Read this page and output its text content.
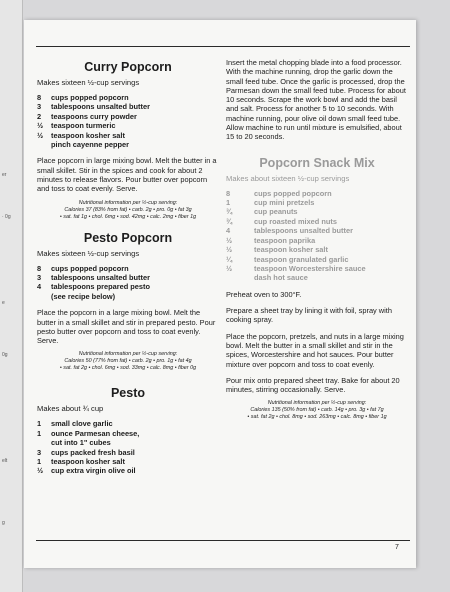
er
· 0g
e
0g
elt
g
Curry Popcorn
Makes sixteen ½-cup servings
8	cups popped popcorn
3	tablespoons unsalted butter
2	teaspoons curry powder
½	teaspoon turmeric
½	teaspoon kosher salt
pinch cayenne pepper
Place popcorn in large mixing bowl. Melt the butter in a small skillet. Stir in the spices and cook for about 2 minutes to release flavors. Pour butter over popcorn and toss to coat evenly. Serve.
Nutritional information per ½-cup serving:
Calories 37 (83% from fat) • carb. 2g • pro. 0g • fat 3g
• sat. fat 1g • chol. 6mg • sod. 42mg • calc. 2mg • fiber 1g
Pesto Popcorn
Makes sixteen ½-cup servings
8	cups popped popcorn
3	tablespoons unsalted butter
4	tablespoons prepared pesto
(see recipe below)
Place the popcorn in a large mixing bowl. Melt the butter in a small skillet and stir in prepared pesto. Pour pesto butter over popcorn and toss to coat evenly. Serve.
Nutritional information per ½-cup serving:
Calories 50 (77% from fat) • carb. 2g • pro. 1g • fat 4g
• sat. fat 2g • chol. 6mg • sod. 33mg • calc. 8mg • fiber 0g
Pesto
Makes about ¾ cup
1	small clove garlic
1	ounce Parmesan cheese,
cut into 1" cubes
3	cups packed fresh basil
1	teaspoon kosher salt
½	cup extra virgin olive oil
Insert the metal chopping blade into a food processor. With the machine running, drop the garlic down the small feed tube. Once the garlic is processed, drop the Parmesan down the small feed tube. Process for about 10 seconds. Scrape the work bowl and add the basil and salt. Process for another 5 to 10 seconds. With machine running, pour olive oil down small feed tube. Allow machine to run until mixture is emulsified, about 15 to 20 seconds.
Popcorn Snack Mix
Makes about sixteen ½-cup servings
8	cups popped popcorn
1	cup mini pretzels
¾	cup peanuts
¾	cup roasted mixed nuts
4	tablespoons unsalted butter
½	teaspoon paprika
½	teaspoon kosher salt
¼	teaspoon granulated garlic
½	teaspoon Worcestershire sauce
dash hot sauce
Preheat oven to 300°F.
Prepare a sheet tray by lining it with foil, spray with cooking spray.
Place the popcorn, pretzels, and nuts in a large mixing bowl. Melt the butter in a small skillet and stir in the spices, Worcestershire and hot sauces. Pour butter mixture over popcorn and toss to coat evenly.
Pour mix onto prepared sheet tray. Bake for about 20 minutes, stirring occasionally. Serve.
Nutritional information per ½-cup serving:
Calories 135 (50% from fat) • carb. 14g • pro. 3g • fat 7g
• sat. fat 2g • chol. 8mg • sod. 263mg • calc. 8mg • fiber 1g
7
